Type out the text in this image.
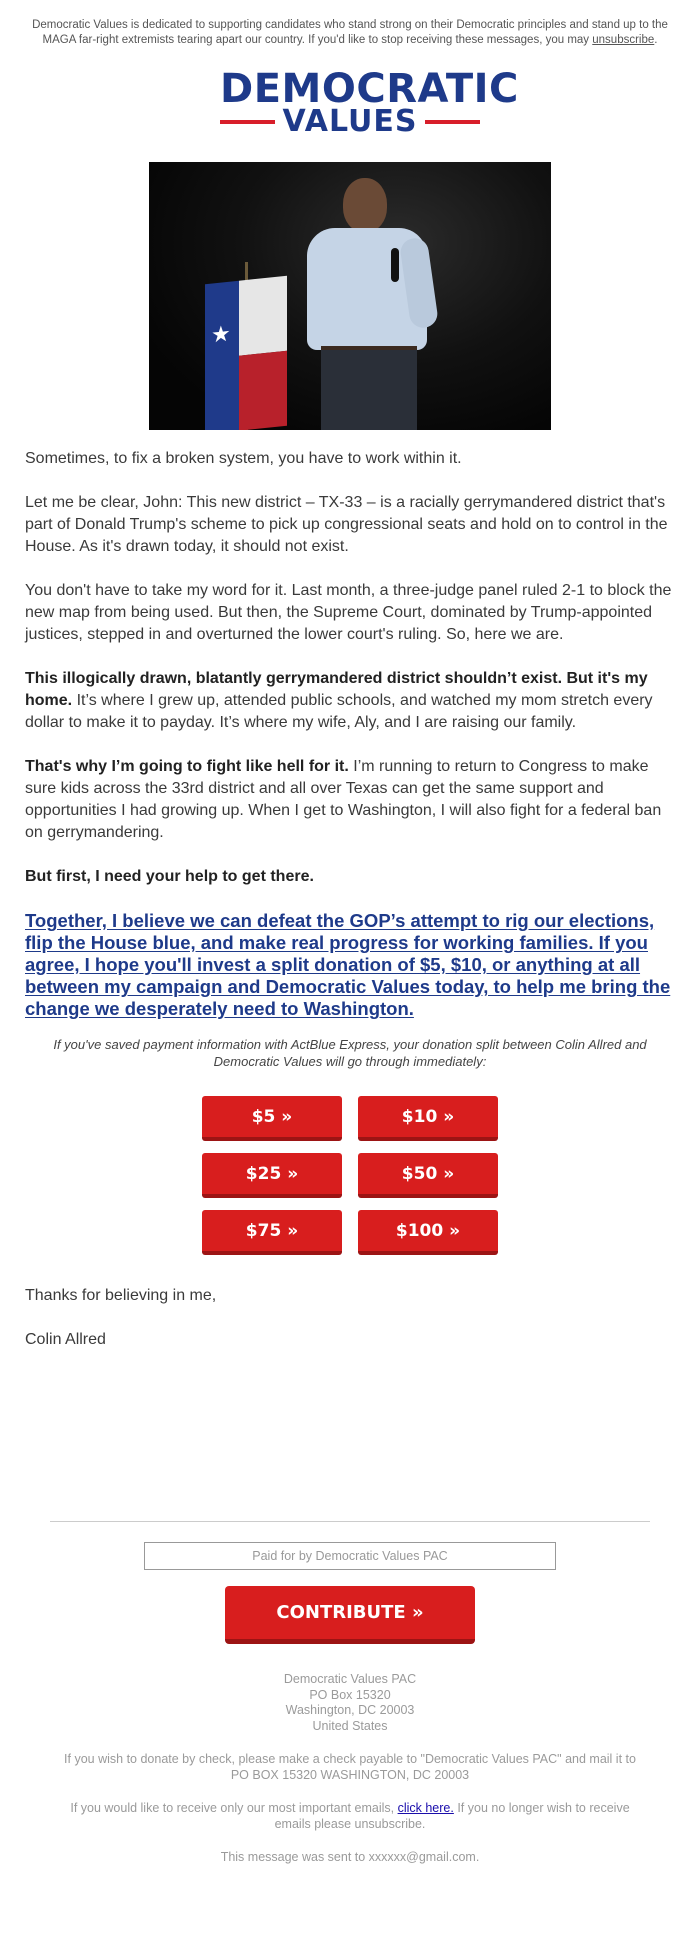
Democratic Values is dedicated to supporting candidates who stand strong on their Democratic principles and stand up to the MAGA far-right extremists tearing apart our country. If you'd like to stop receiving these messages, you may unsubscribe.
DEMOCRATIC
VALUES
★

Sometimes, to fix a broken system, you have to work within it.

Let me be clear, John: This new district – TX-33 – is a racially gerrymandered district that's part of Donald Trump's scheme to pick up congressional seats and hold on to control in the House. As it's drawn today, it should not exist.

You don't have to take my word for it. Last month, a three-judge panel ruled 2-1 to block the new map from being used. But then, the Supreme Court, dominated by Trump-appointed justices, stepped in and overturned the lower court's ruling. So, here we are.

This illogically drawn, blatantly gerrymandered district shouldn’t exist. But it's my home. It’s where I grew up, attended public schools, and watched my mom stretch every dollar to make it to payday. It’s where my wife, Aly, and I are raising our family.

That's why I’m going to fight like hell for it. I’m running to return to Congress to make sure kids across the 33rd district and all over Texas can get the same support and opportunities I had growing up. When I get to Washington, I will also fight for a federal ban on gerrymandering.

But first, I need your help to get there.

Together, I believe we can defeat the GOP’s attempt to rig our elections, flip the House blue, and make real progress for working families. If you agree, I hope you'll invest a split donation of $5, $10, or anything at all between my campaign and Democratic Values today, to help me bring the change we desperately need to Washington.
If you've saved payment information with ActBlue Express, your donation split between Colin Allred and Democratic Values will go through immediately:
$5 »	$10 »
$25 »	$50 »
$75 »	$100 »

Thanks for believing in me,

Colin Allred

Paid for by Democratic Values PAC
CONTRIBUTE »
Democratic Values PAC
PO Box 15320
Washington, DC 20003
United States
If you wish to donate by check, please make a check payable to "Democratic Values PAC" and mail it to PO BOX 15320 WASHINGTON, DC 20003
If you would like to receive only our most important emails, click here. If you no longer wish to receive emails please unsubscribe.
This message was sent to xxxxxx@gmail.com.
